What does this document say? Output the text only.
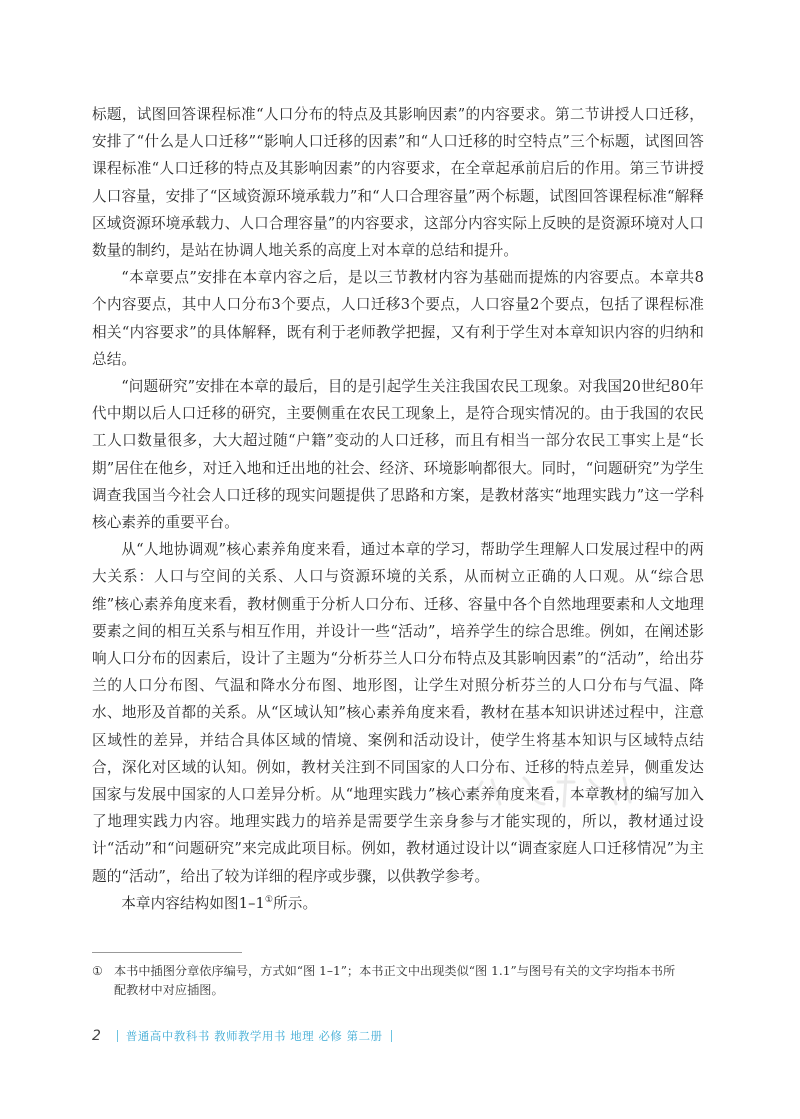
标题，试图回答课程标准“人口分布的特点及其影响因素”的内容要求。第二节讲授人口迁移，安排了“什么是人口迁移”“影响人口迁移的因素”和“人口迁移的时空特点”三个标题，试图回答课程标准“人口迁移的特点及其影响因素”的内容要求，在全章起承前启后的作用。第三节讲授人口容量，安排了“区域资源环境承载力”和“人口合理容量”两个标题，试图回答课程标准“解释区域资源环境承载力、人口合理容量”的内容要求，这部分内容实际上反映的是资源环境对人口数量的制约，是站在协调人地关系的高度上对本章的总结和提升。

“本章要点”安排在本章内容之后，是以三节教材内容为基础而提炼的内容要点。本章共8个内容要点，其中人口分布3个要点，人口迁移3个要点，人口容量2个要点，包括了课程标准相关“内容要求”的具体解释，既有利于老师教学把握，又有利于学生对本章知识内容的归纳和总结。

“问题研究”安排在本章的最后，目的是引起学生关注我国农民工现象。对我国20世纪80年代中期以后人口迁移的研究，主要侧重在农民工现象上，是符合现实情况的。由于我国的农民工人口数量很多，大大超过随“户籍”变动的人口迁移，而且有相当一部分农民工事实上是“长期”居住在他乡，对迁入地和迁出地的社会、经济、环境影响都很大。同时，“问题研究”为学生调查我国当今社会人口迁移的现实问题提供了思路和方案，是教材落实“地理实践力”这一学科核心素养的重要平台。

从“人地协调观”核心素养角度来看，通过本章的学习，帮助学生理解人口发展过程中的两大关系：人口与空间的关系、人口与资源环境的关系，从而树立正确的人口观。从“综合思维”核心素养角度来看，教材侧重于分析人口分布、迁移、容量中各个自然地理要素和人文地理要素之间的相互关系与相互作用，并设计一些“活动”，培养学生的综合思维。例如，在阐述影响人口分布的因素后，设计了主题为“分析芬兰人口分布特点及其影响因素”的“活动”，给出芬兰的人口分布图、气温和降水分布图、地形图，让学生对照分析芬兰的人口分布与气温、降水、地形及首都的关系。从“区域认知”核心素养角度来看，教材在基本知识讲述过程中，注意区域性的差异，并结合具体区域的情境、案例和活动设计，使学生将基本知识与区域特点结合，深化对区域的认知。例如，教材关注到不同国家的人口分布、迁移的特点差异，侧重发达国家与发展中国家的人口差异分析。从“地理实践力”核心素养角度来看，本章教材的编写加入了地理实践力内容。地理实践力的培养是需要学生亲身参与才能实现的，所以，教材通过设计“活动”和“问题研究”来完成此项目标。例如，教材通过设计以“调查家庭人口迁移情况”为主题的“活动”，给出了较为详细的程序或步骤，以供教学参考。

本章内容结构如图1–1①所示。

① 本书中插图分章依序编号，方式如“图 1–1”；本书正文中出现类似“图 1.1”与图号有关的文字均指本书所
配教材中对应插图。
2 普通高中教科书 教师教学用书 地理 必修 第二册
